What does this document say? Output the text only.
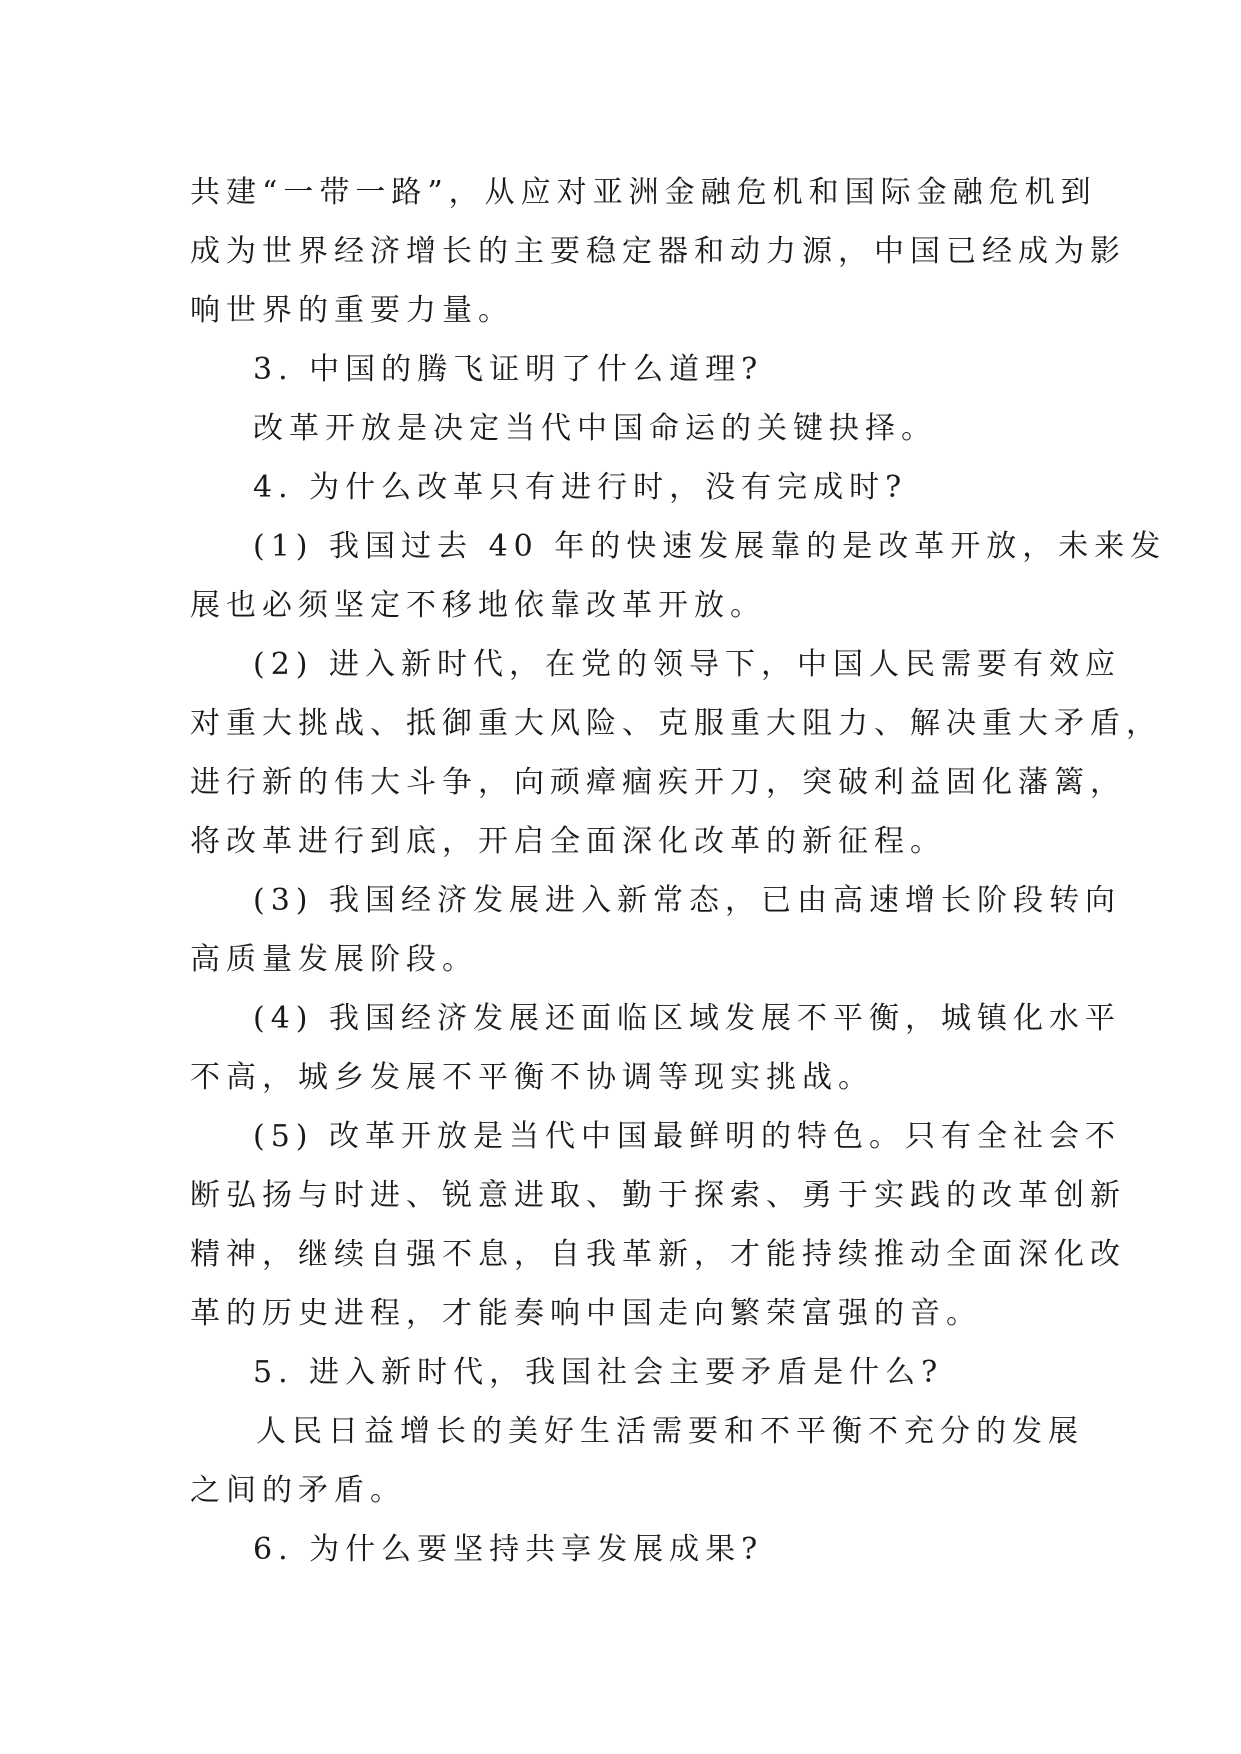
共建“一带一路”，从应对亚洲金融危机和国际金融危机到
成为世界经济增长的主要稳定器和动力源，中国已经成为影
响世界的重要力量。
3. 中国的腾飞证明了什么道理?
改革开放是决定当代中国命运的关键抉择。
4. 为什么改革只有进行时，没有完成时?
(1) 我国过去 40 年的快速发展靠的是改革开放，未来发
展也必须坚定不移地依靠改革开放。
(2) 进入新时代，在党的领导下，中国人民需要有效应
对重大挑战、抵御重大风险、克服重大阻力、解决重大矛盾，
进行新的伟大斗争，向顽瘴痼疾开刀，突破利益固化藩篱，
将改革进行到底，开启全面深化改革的新征程。
(3) 我国经济发展进入新常态，已由高速增长阶段转向
高质量发展阶段。
(4) 我国经济发展还面临区域发展不平衡，城镇化水平
不高，城乡发展不平衡不协调等现实挑战。
(5) 改革开放是当代中国最鲜明的特色。只有全社会不
断弘扬与时进、锐意进取、勤于探索、勇于实践的改革创新
精神，继续自强不息，自我革新，才能持续推动全面深化改
革的历史进程，才能奏响中国走向繁荣富强的音。
5. 进入新时代，我国社会主要矛盾是什么?
人民日益增长的美好生活需要和不平衡不充分的发展
之间的矛盾。
6. 为什么要坚持共享发展成果?
